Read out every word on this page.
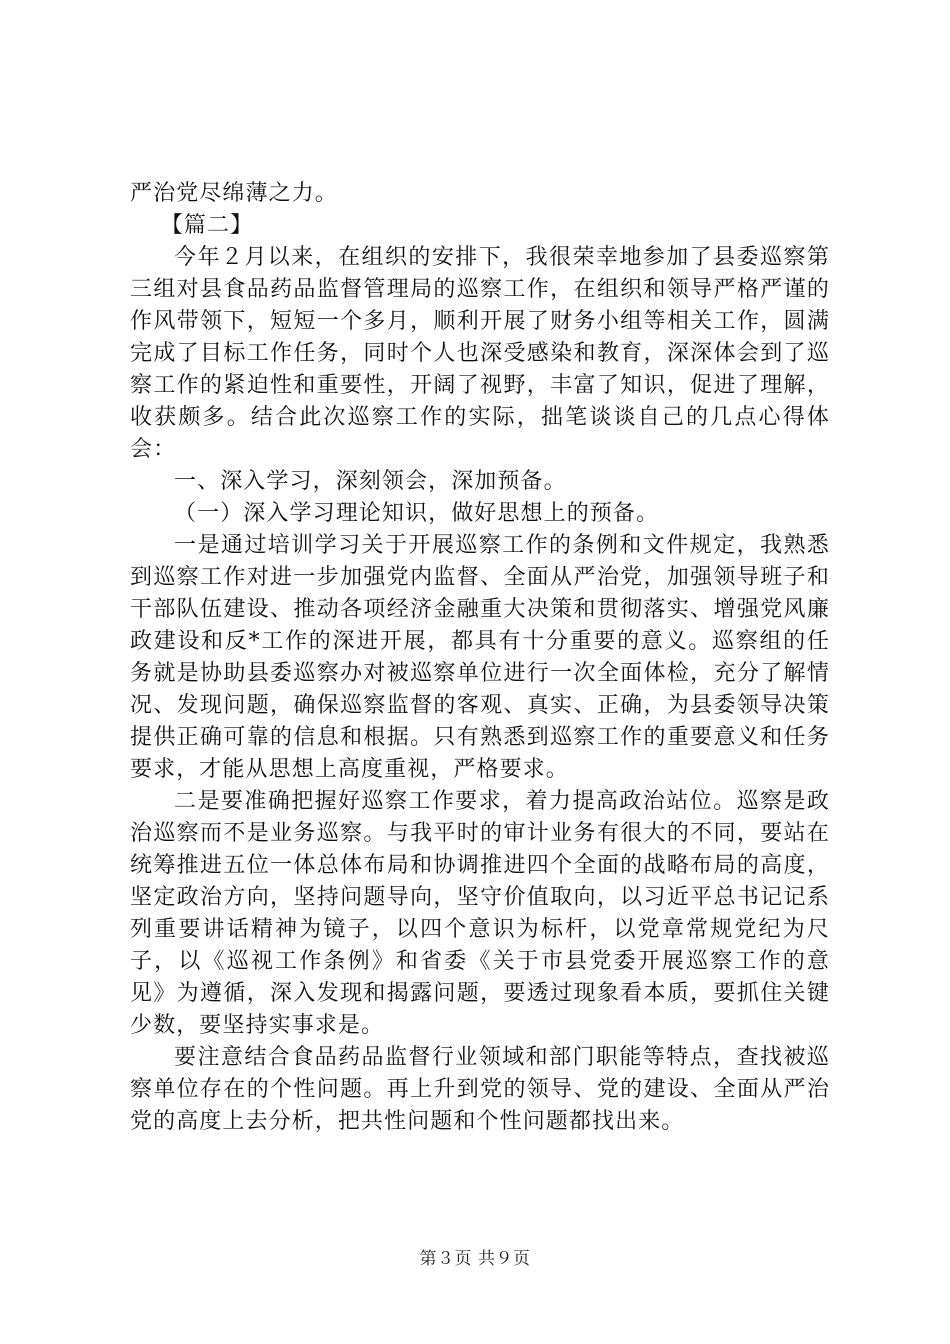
严治党尽绵薄之力。

【篇二】

今年２月以来，在组织的安排下，我很荣幸地参加了县委巡察第三组对县食品药品监督管理局的巡察工作，在组织和领导严格严谨的作风带领下，短短一个多月，顺利开展了财务小组等相关工作，圆满完成了目标工作任务，同时个人也深受感染和教育，深深体会到了巡察工作的紧迫性和重要性，开阔了视野，丰富了知识，促进了理解，收获颇多。结合此次巡察工作的实际，拙笔谈谈自己的几点心得体会：

一、深入学习，深刻领会，深加预备。

（一）深入学习理论知识，做好思想上的预备。

一是通过培训学习关于开展巡察工作的条例和文件规定，我熟悉到巡察工作对进一步加强党内监督、全面从严治党，加强领导班子和干部队伍建设、推动各项经济金融重大决策和贯彻落实、增强党风廉政建设和反*工作的深进开展，都具有十分重要的意义。巡察组的任务就是协助县委巡察办对被巡察单位进行一次全面体检，充分了解情况、发现问题，确保巡察监督的客观、真实、正确，为县委领导决策提供正确可靠的信息和根据。只有熟悉到巡察工作的重要意义和任务要求，才能从思想上高度重视，严格要求。

二是要准确把握好巡察工作要求，着力提高政治站位。巡察是政治巡察而不是业务巡察。与我平时的审计业务有很大的不同，要站在统筹推进五位一体总体布局和协调推进四个全面的战略布局的高度，坚定政治方向，坚持问题导向，坚守价值取向，以习近平总书记记系列重要讲话精神为镜子，以四个意识为标杆，以党章常规党纪为尺子，以《巡视工作条例》和省委《关于市县党委开展巡察工作的意见》为遵循，深入发现和揭露问题，要透过现象看本质，要抓住关键少数，要坚持实事求是。

要注意结合食品药品监督行业领域和部门职能等特点，查找被巡察单位存在的个性问题。再上升到党的领导、党的建设、全面从严治党的高度上去分析，把共性问题和个性问题都找出来。

第３页 共９页
